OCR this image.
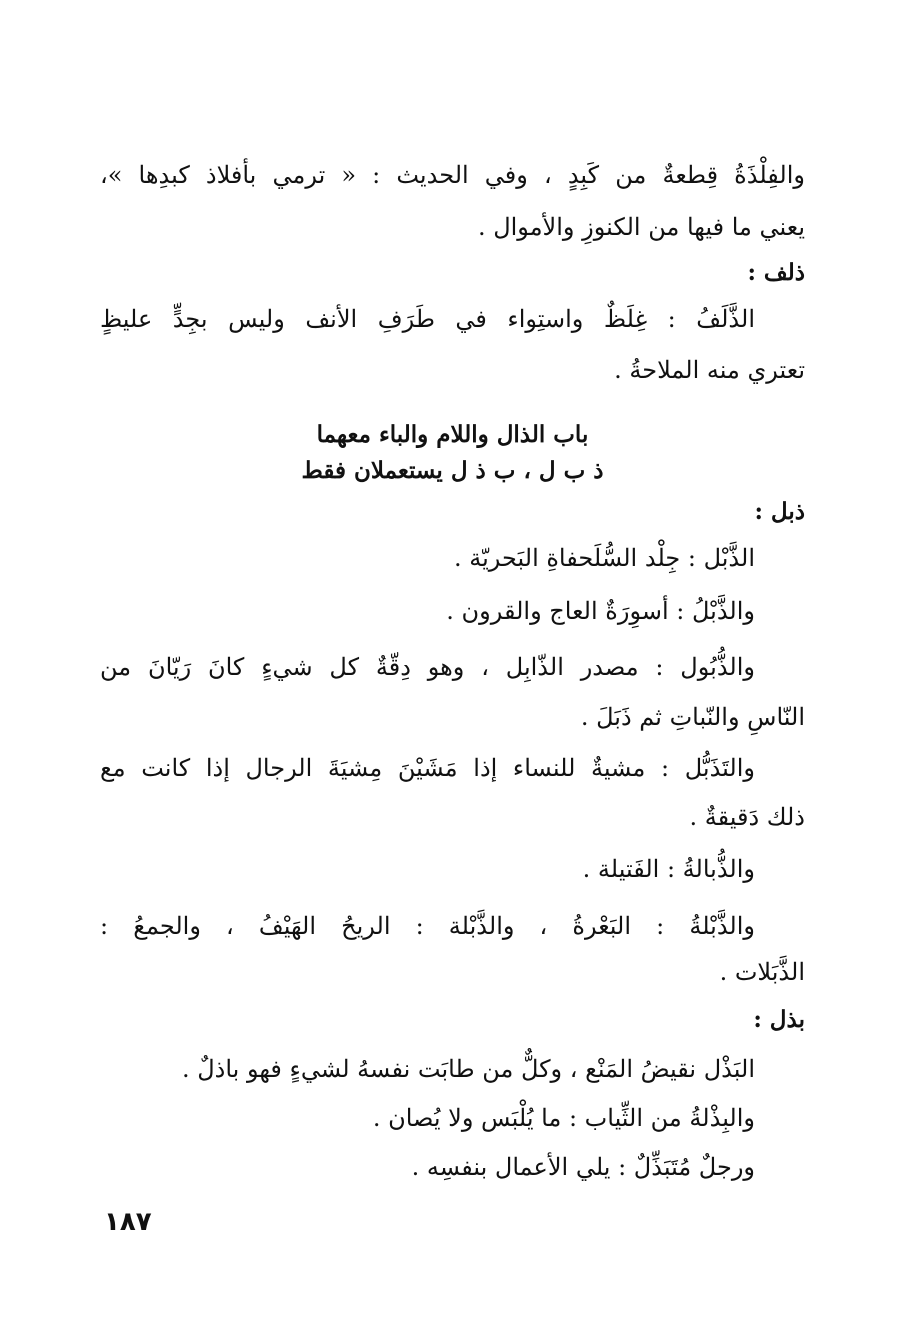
والفِلْذَةُ قِطعةٌ من كَبِدٍ ، وفي الحديث : « ترمي بأفلاذ كبدِها »،
يعني ما فيها من الكنوزِ والأموال .
ذلف :
الذَّلَفُ : غِلَظٌ واستِواء في طَرَفِ الأنف وليس بجِدٍّ عليظٍ
تعتري منه الملاحةُ .
باب الذال واللام والباء معهما
ذ ب ل ، ب ذ ل يستعملان فقط
ذبل :
الذَّبْل : جِلْد السُّلَحفاةِ البَحريّة .
والذَّبْلُ : أسوِرَةٌ العاج والقرون .
والذُّبُول : مصدر الذّابِل ، وهو دِقّةٌ كل شيءٍ كانَ رَيّانَ من
النّاسِ والنّباتِ ثم ذَبَلَ .
والتَذَبُّل : مشيةٌ للنساء إذا مَشَيْنَ مِشيَةَ الرجال إذا كانت مع
ذلك دَقيقةٌ .
والذُّبالةُ : الفَتيلة .
والذَّبْلةُ : البَعْرةُ ، والذَّبْلة : الريحُ الهَيْفُ ، والجمعُ :
الذَّبَلات .
بذل :
البَذْل نقيضُ المَنْع ، وكلٌّ من طابَت نفسهُ لشيءٍ فهو باذلٌ .
والبِذْلةُ من الثِّياب : ما يُلْبَس ولا يُصان .
ورجلٌ مُتَبَذِّلٌ : يلي الأعمال بنفسِه .
١٨٧
